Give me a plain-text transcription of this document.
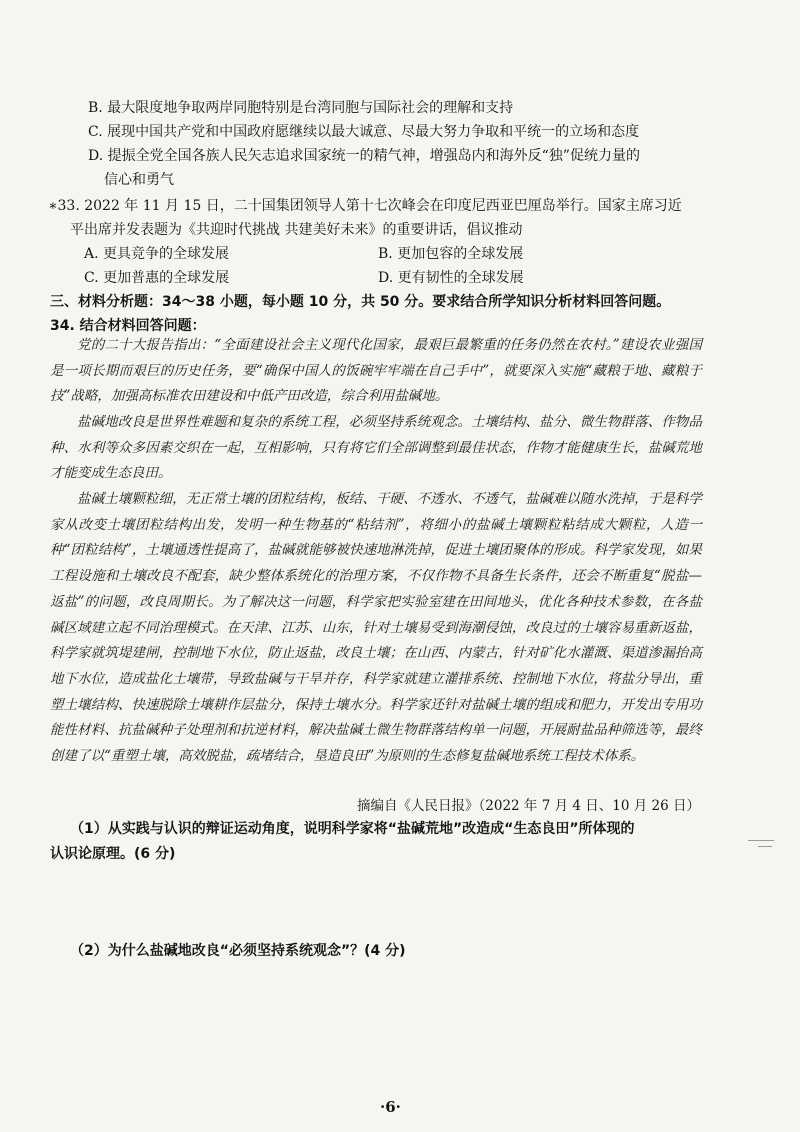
B. 最大限度地争取两岸同胞特别是台湾同胞与国际社会的理解和支持
C. 展现中国共产党和中国政府愿继续以最大诚意、尽最大努力争取和平统一的立场和态度
D. 提振全党全国各族人民矢志追求国家统一的精气神，增强岛内和海外反“独”促统力量的
信心和勇气
∗33. 2022 年 11 月 15 日，二十国集团领导人第十七次峰会在印度尼西亚巴厘岛举行。国家主席习近
平出席并发表题为《共迎时代挑战 共建美好未来》的重要讲话，倡议推动
A. 更具竞争的全球发展	B. 更加包容的全球发展
C. 更加普惠的全球发展	D. 更有韧性的全球发展
三、材料分析题：34～38 小题，每小题 10 分，共 50 分。要求结合所学知识分析材料回答问题。
34. 结合材料回答问题：

党的二十大报告指出：“全面建设社会主义现代化国家，最艰巨最繁重的任务仍然在农村。”建设农业强国是一项长期而艰巨的历史任务，要“确保中国人的饭碗牢牢端在自己手中”，就要深入实施“藏粮于地、藏粮于技”战略，加强高标准农田建设和中低产田改造，综合利用盐碱地。

盐碱地改良是世界性难题和复杂的系统工程，必须坚持系统观念。土壤结构、盐分、微生物群落、作物品种、水利等众多因素交织在一起，互相影响，只有将它们全部调整到最佳状态，作物才能健康生长，盐碱荒地才能变成生态良田。

盐碱土壤颗粒细，无正常土壤的团粒结构，板结、干硬、不透水、不透气，盐碱难以随水洗掉，于是科学家从改变土壤团粒结构出发，发明一种生物基的“粘结剂”，将细小的盐碱土壤颗粒粘结成大颗粒，人造一种“团粒结构”，土壤通透性提高了，盐碱就能够被快速地淋洗掉，促进土壤团聚体的形成。科学家发现，如果工程设施和土壤改良不配套，缺少整体系统化的治理方案，不仅作物不具备生长条件，还会不断重复“脱盐—返盐”的问题，改良周期长。为了解决这一问题，科学家把实验室建在田间地头，优化各种技术参数，在各盐碱区域建立起不同治理模式。在天津、江苏、山东，针对土壤易受到海潮侵蚀，改良过的土壤容易重新返盐，科学家就筑堤建闸，控制地下水位，防止返盐，改良土壤；在山西、内蒙古，针对矿化水灌溉、渠道渗漏抬高地下水位，造成盐化土壤带，导致盐碱与干旱并存，科学家就建立灌排系统、控制地下水位，将盐分导出，重塑土壤结构、快速脱除土壤耕作层盐分，保持土壤水分。科学家还针对盐碱土壤的组成和肥力，开发出专用功能性材料、抗盐碱种子处理剂和抗逆材料，解决盐碱土微生物群落结构单一问题，开展耐盐品种筛选等，最终创建了以“重塑土壤，高效脱盐，疏堵结合，垦造良田”为原则的生态修复盐碱地系统工程技术体系。

摘编自《人民日报》（2022 年 7 月 4 日、10 月 26 日）
（1）从实践与认识的辩证运动角度，说明科学家将“盐碱荒地”改造成“生态良田”所体现的
认识论原理。(6 分)
（2）为什么盐碱地改良“必须坚持系统观念”？(4 分)
·6·
